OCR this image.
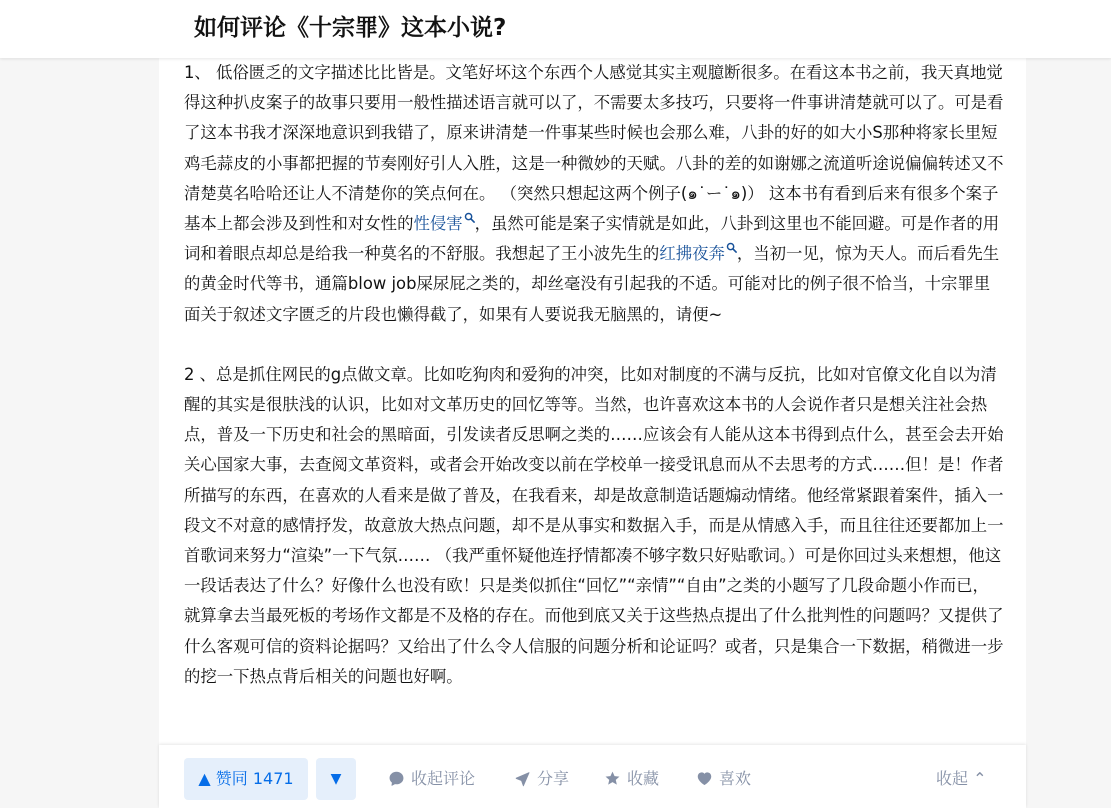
如何评论《十宗罪》这本小说?

1、 低俗匮乏的文字描述比比皆是。文笔好坏这个东西个人感觉其实主观臆断很多。在看这本书之前，我天真地觉得这种扒皮案子的故事只要用一般性描述语言就可以了，不需要太多技巧，只要将一件事讲清楚就可以了。可是看了这本书我才深深地意识到我错了，原来讲清楚一件事某些时候也会那么难，八卦的好的如大小S那种将家长里短鸡毛蒜皮的小事都把握的节奏刚好引人入胜，这是一种微妙的天赋。八卦的差的如谢娜之流道听途说偏偏转述又不清楚莫名哈哈还让人不清楚你的笑点何在。 （突然只想起这两个例子(๑˙ー˙๑)） 这本书有看到后来有很多个案子基本上都会涉及到性和对女性的性侵害 ，虽然可能是案子实情就是如此，八卦到这里也不能回避。可是作者的用词和着眼点却总是给我一种莫名的不舒服。我想起了王小波先生的红拂夜奔 ，当初一见，惊为天人。而后看先生的黄金时代等书，通篇blow job屎尿屁之类的，却丝毫没有引起我的不适。可能对比的例子很不恰当，十宗罪里面关于叙述文字匮乏的片段也懒得截了，如果有人要说我无脑黑的，请便~

2 、总是抓住网民的g点做文章。比如吃狗肉和爱狗的冲突，比如对制度的不满与反抗，比如对官僚文化自以为清醒的其实是很肤浅的认识，比如对文革历史的回忆等等。当然，也许喜欢这本书的人会说作者只是想关注社会热点，普及一下历史和社会的黑暗面，引发读者反思啊之类的……应该会有人能从这本书得到点什么，甚至会去开始关心国家大事，去查阅文革资料，或者会开始改变以前在学校单一接受讯息而从不去思考的方式……但！是！作者所描写的东西，在喜欢的人看来是做了普及，在我看来，却是故意制造话题煽动情绪。他经常紧跟着案件，插入一段文不对意的感情抒发，故意放大热点问题，却不是从事实和数据入手，而是从情感入手，而且往往还要都加上一首歌词来努力“渲染”一下气氛…… （我严重怀疑他连抒情都凑不够字数只好贴歌词。）可是你回过头来想想，他这一段话表达了什么？好像什么也没有欧！只是类似抓住“回忆”“亲情”“自由”之类的小题写了几段命题小作而已，就算拿去当最死板的考场作文都是不及格的存在。而他到底又关于这些热点提出了什么批判性的问题吗？又提供了什么客观可信的资料论据吗？又给出了什么令人信服的问题分析和论证吗？或者，只是集合一下数据，稍微进一步的挖一下热点背后相关的问题也好啊。

▲ 赞同 1471	▼	收起评论	分享	收藏	喜欢	收起 ⌃
